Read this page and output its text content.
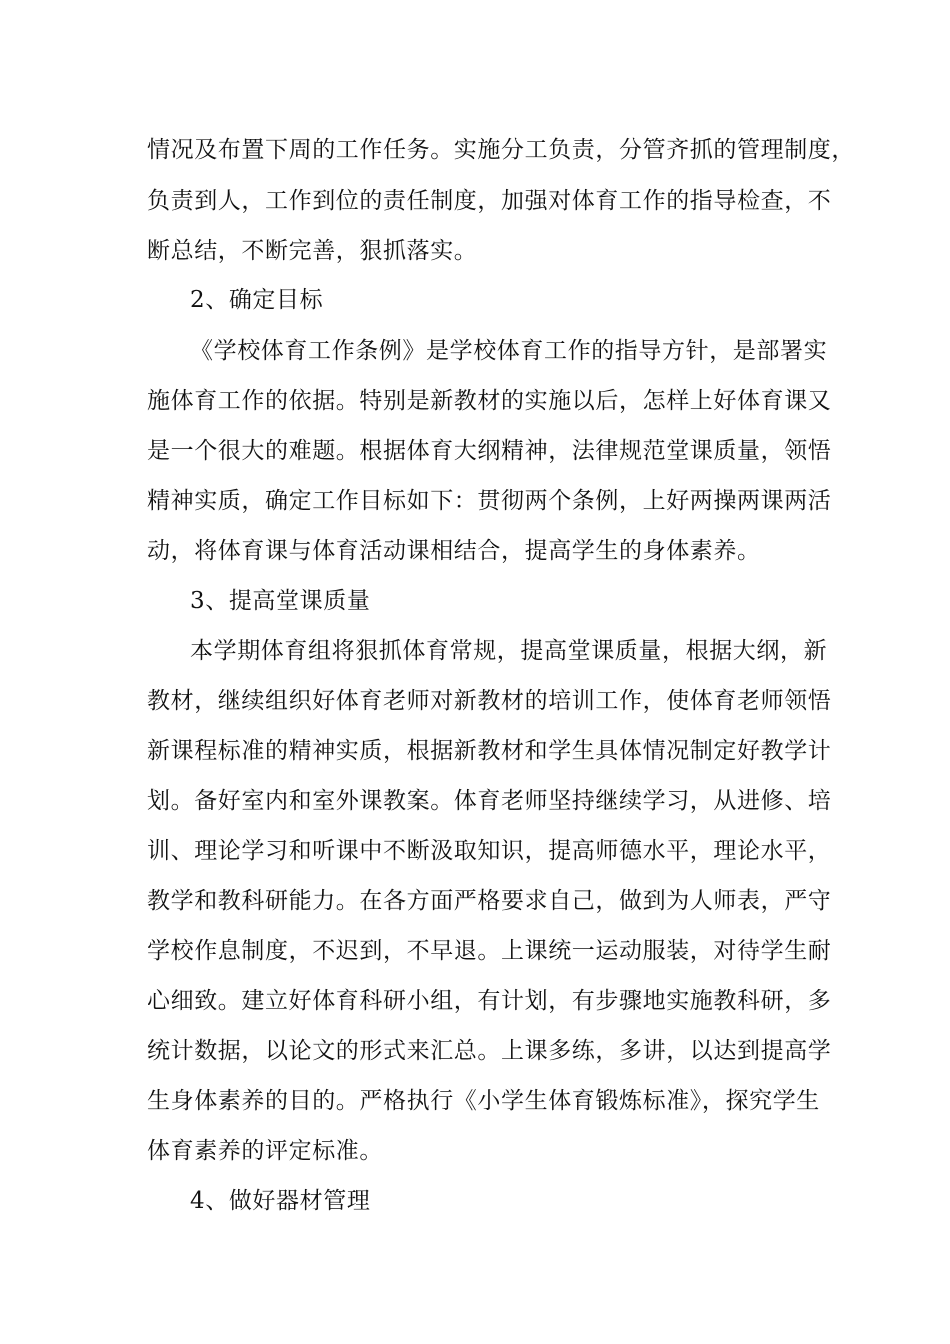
情况及布置下周的工作任务。实施分工负责，分管齐抓的管理制度，
负责到人，工作到位的责任制度，加强对体育工作的指导检查，不
断总结，不断完善，狠抓落实。
2、确定目标
《学校体育工作条例》是学校体育工作的指导方针，是部署实
施体育工作的依据。特别是新教材的实施以后，怎样上好体育课又
是一个很大的难题。根据体育大纲精神，法律规范堂课质量，领悟
精神实质，确定工作目标如下：贯彻两个条例，上好两操两课两活
动，将体育课与体育活动课相结合，提高学生的身体素养。
3、提高堂课质量
本学期体育组将狠抓体育常规，提高堂课质量，根据大纲，新
教材，继续组织好体育老师对新教材的培训工作，使体育老师领悟
新课程标准的精神实质，根据新教材和学生具体情况制定好教学计
划。备好室内和室外课教案。体育老师坚持继续学习，从进修、培
训、理论学习和听课中不断汲取知识，提高师德水平，理论水平，
教学和教科研能力。在各方面严格要求自己，做到为人师表，严守
学校作息制度，不迟到，不早退。上课统一运动服装，对待学生耐
心细致。建立好体育科研小组，有计划，有步骤地实施教科研，多
统计数据，以论文的形式来汇总。上课多练，多讲，以达到提高学
生身体素养的目的。严格执行《小学生体育锻炼标准》，探究学生
体育素养的评定标准。
4、做好器材管理
